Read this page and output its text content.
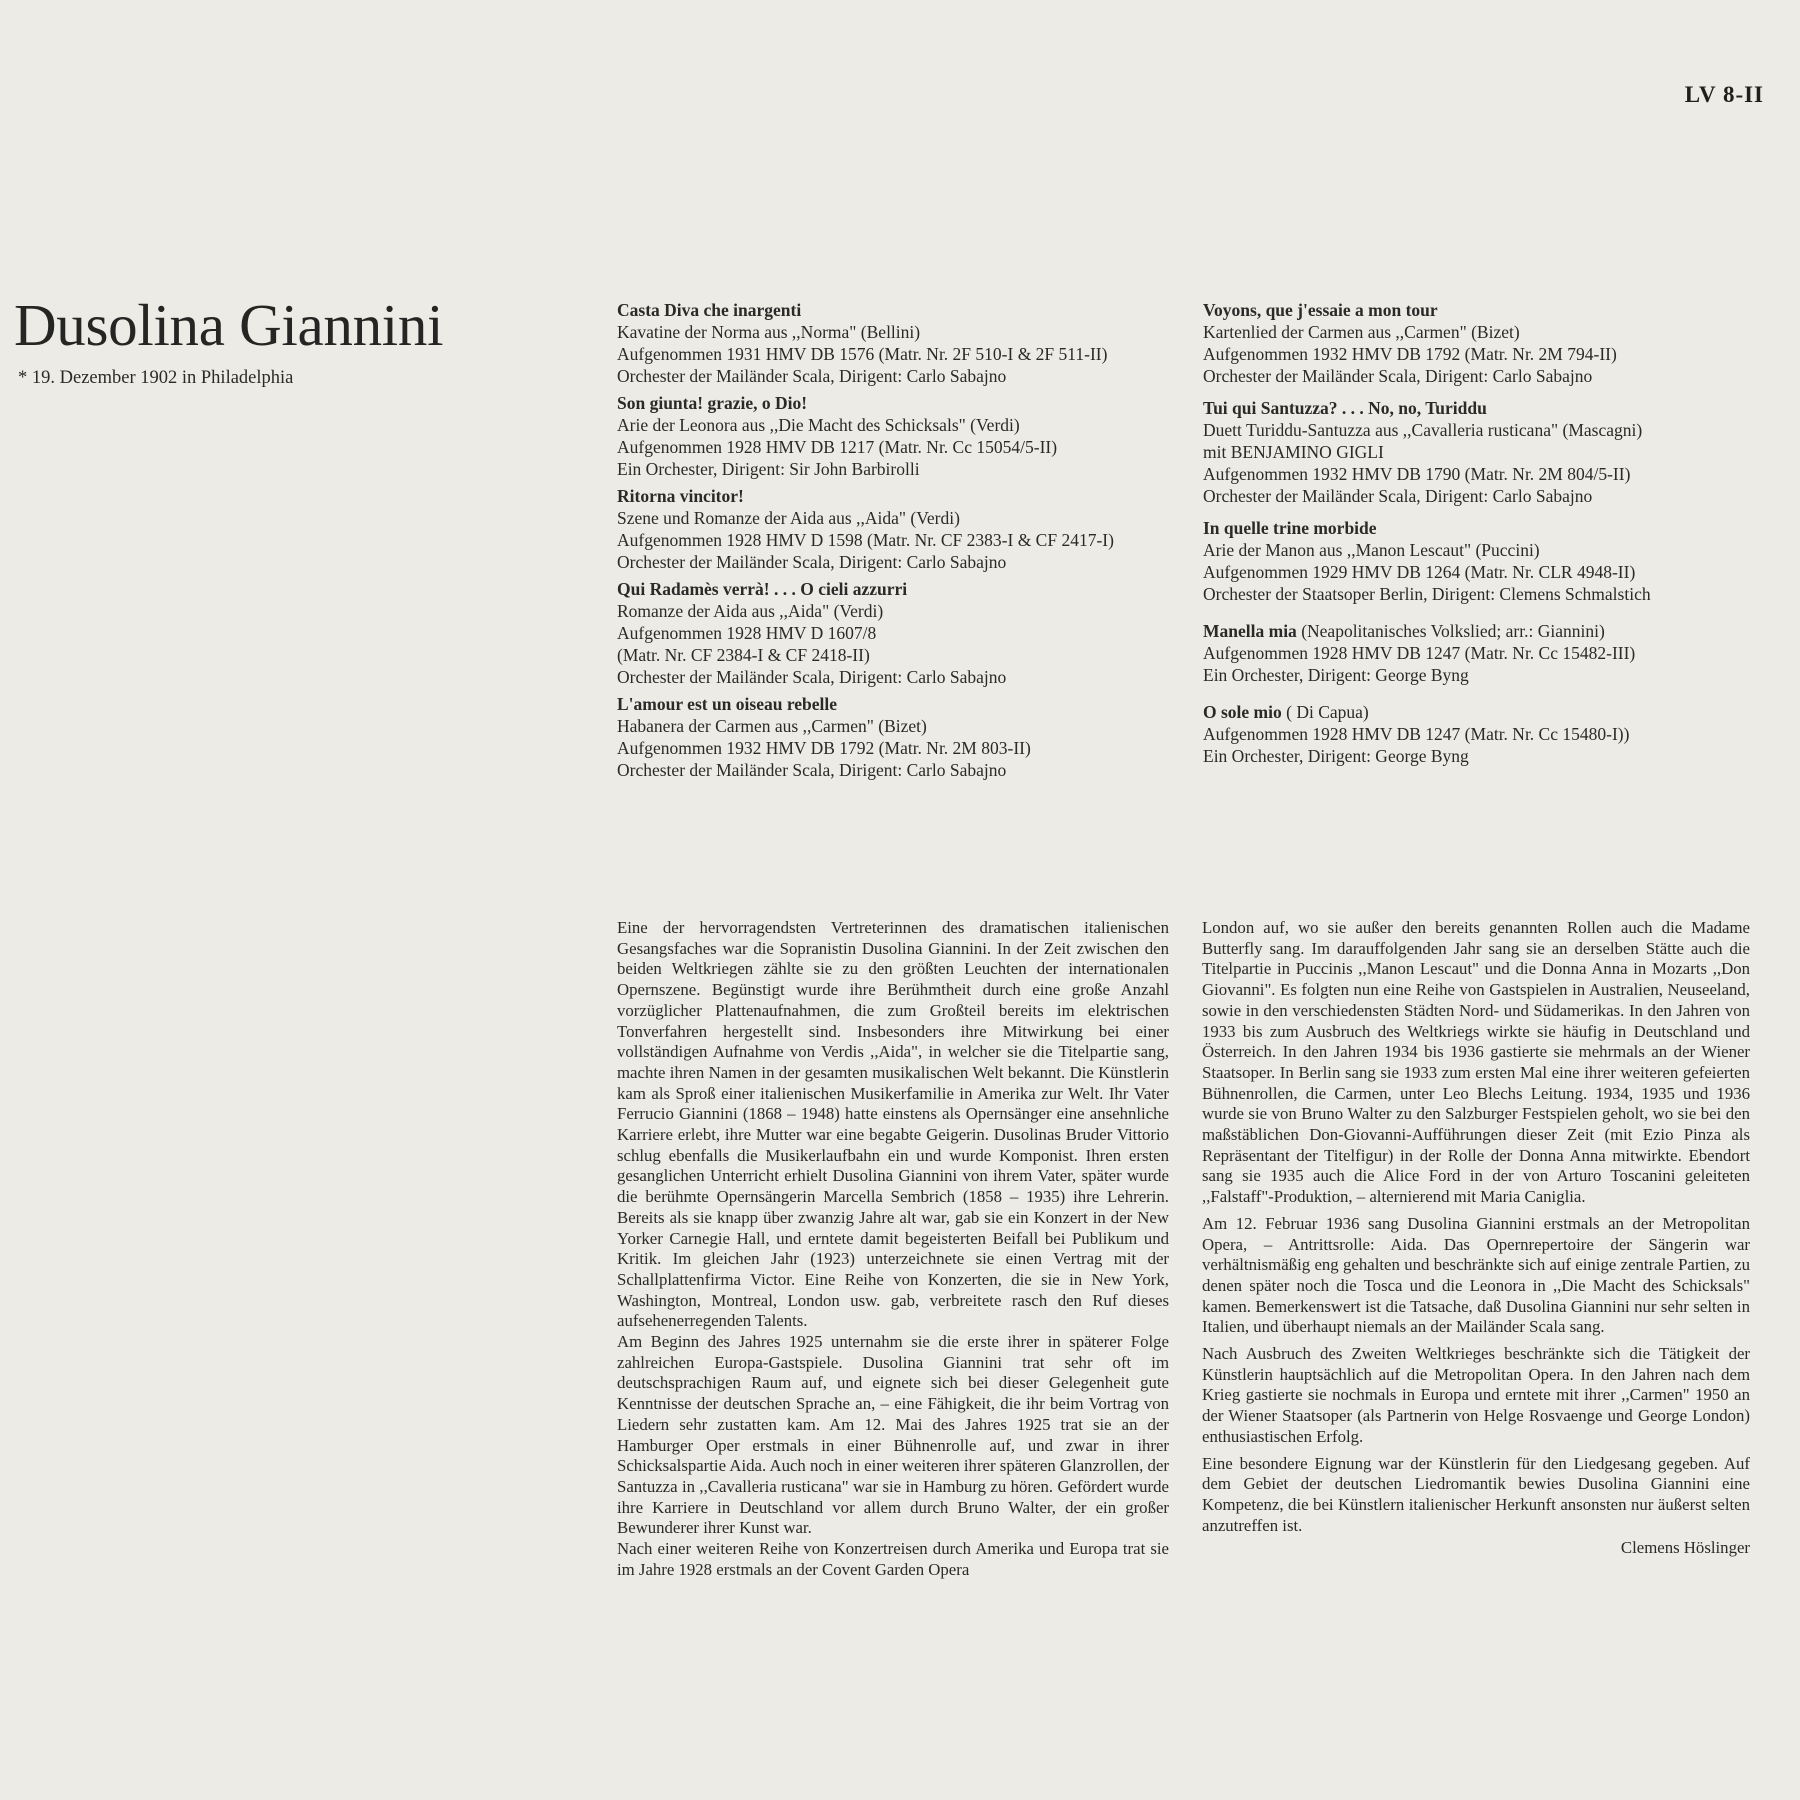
LV 8-II
Dusolina Giannini
* 19. Dezember 1902 in Philadelphia
Casta Diva che inargenti
Kavatine der Norma aus ,,Norma" (Bellini)
Aufgenommen 1931 HMV DB 1576 (Matr. Nr. 2F 510-I & 2F 511-II)
Orchester der Mailänder Scala, Dirigent: Carlo Sabajno
Son giunta! grazie, o Dio!
Arie der Leonora aus ,,Die Macht des Schicksals" (Verdi)
Aufgenommen 1928 HMV DB 1217 (Matr. Nr. Cc 15054/5-II)
Ein Orchester, Dirigent: Sir John Barbirolli
Ritorna vincitor!
Szene und Romanze der Aida aus ,,Aida" (Verdi)
Aufgenommen 1928 HMV D 1598 (Matr. Nr. CF 2383-I & CF 2417-I)
Orchester der Mailänder Scala, Dirigent: Carlo Sabajno
Qui Radamès verrà! . . . O cieli azzurri
Romanze der Aida aus ,,Aida" (Verdi)
Aufgenommen 1928 HMV D 1607/8
(Matr. Nr. CF 2384-I & CF 2418-II)
Orchester der Mailänder Scala, Dirigent: Carlo Sabajno
L'amour est un oiseau rebelle
Habanera der Carmen aus ,,Carmen" (Bizet)
Aufgenommen 1932 HMV DB 1792 (Matr. Nr. 2M 803-II)
Orchester der Mailänder Scala, Dirigent: Carlo Sabajno
Voyons, que j'essaie a mon tour
Kartenlied der Carmen aus ,,Carmen" (Bizet)
Aufgenommen 1932 HMV DB 1792 (Matr. Nr. 2M 794-II)
Orchester der Mailänder Scala, Dirigent: Carlo Sabajno
Tui qui Santuzza? . . . No, no, Turiddu
Duett Turiddu-Santuzza aus ,,Cavalleria rusticana" (Mascagni)
mit BENJAMINO GIGLI
Aufgenommen 1932 HMV DB 1790 (Matr. Nr. 2M 804/5-II)
Orchester der Mailänder Scala, Dirigent: Carlo Sabajno
In quelle trine morbide
Arie der Manon aus ,,Manon Lescaut" (Puccini)
Aufgenommen 1929 HMV DB 1264 (Matr. Nr. CLR 4948-II)
Orchester der Staatsoper Berlin, Dirigent: Clemens Schmalstich
Manella mia (Neapolitanisches Volkslied; arr.: Giannini)
Aufgenommen 1928 HMV DB 1247 (Matr. Nr. Cc 15482-III)
Ein Orchester, Dirigent: George Byng
O sole mio ( Di Capua)
Aufgenommen 1928 HMV DB 1247 (Matr. Nr. Cc 15480-I))
Ein Orchester, Dirigent: George Byng

Eine der hervorragendsten Vertreterinnen des dramatischen italienischen Gesangsfaches war die Sopranistin Dusolina Giannini. In der Zeit zwischen den beiden Weltkriegen zählte sie zu den größten Leuchten der internationalen Opernszene. Begünstigt wurde ihre Berühmtheit durch eine große Anzahl vorzüglicher Plattenaufnahmen, die zum Großteil bereits im elektrischen Tonverfahren hergestellt sind. Insbesonders ihre Mitwirkung bei einer vollständigen Aufnahme von Verdis ,,Aida", in welcher sie die Titelpartie sang, machte ihren Namen in der gesamten musikalischen Welt bekannt. Die Künstlerin kam als Sproß einer italienischen Musikerfamilie in Amerika zur Welt. Ihr Vater Ferrucio Giannini (1868 – 1948) hatte einstens als Opernsänger eine ansehnliche Karriere erlebt, ihre Mutter war eine begabte Geigerin. Dusolinas Bruder Vittorio schlug ebenfalls die Musikerlaufbahn ein und wurde Komponist. Ihren ersten gesanglichen Unterricht erhielt Dusolina Giannini von ihrem Vater, später wurde die berühmte Opernsängerin Marcella Sembrich (1858 – 1935) ihre Lehrerin. Bereits als sie knapp über zwanzig Jahre alt war, gab sie ein Konzert in der New Yorker Carnegie Hall, und erntete damit begeisterten Beifall bei Publikum und Kritik. Im gleichen Jahr (1923) unterzeichnete sie einen Vertrag mit der Schallplattenfirma Victor. Eine Reihe von Konzerten, die sie in New York, Washington, Montreal, London usw. gab, verbreitete rasch den Ruf dieses aufsehenerregenden Talents.

Am Beginn des Jahres 1925 unternahm sie die erste ihrer in späterer Folge zahlreichen Europa-Gastspiele. Dusolina Giannini trat sehr oft im deutschsprachigen Raum auf, und eignete sich bei dieser Gelegenheit gute Kenntnisse der deutschen Sprache an, – eine Fähigkeit, die ihr beim Vortrag von Liedern sehr zustatten kam. Am 12. Mai des Jahres 1925 trat sie an der Hamburger Oper erstmals in einer Bühnenrolle auf, und zwar in ihrer Schicksalspartie Aida. Auch noch in einer weiteren ihrer späteren Glanzrollen, der Santuzza in ,,Cavalleria rusticana" war sie in Hamburg zu hören. Gefördert wurde ihre Karriere in Deutschland vor allem durch Bruno Walter, der ein großer Bewunderer ihrer Kunst war.

Nach einer weiteren Reihe von Konzertreisen durch Amerika und Europa trat sie im Jahre 1928 erstmals an der Covent Garden Opera

London auf, wo sie außer den bereits genannten Rollen auch die Madame Butterfly sang. Im darauffolgenden Jahr sang sie an derselben Stätte auch die Titelpartie in Puccinis ,,Manon Lescaut" und die Donna Anna in Mozarts ,,Don Giovanni". Es folgten nun eine Reihe von Gastspielen in Australien, Neuseeland, sowie in den verschiedensten Städten Nord- und Südamerikas. In den Jahren von 1933 bis zum Ausbruch des Weltkriegs wirkte sie häufig in Deutschland und Österreich. In den Jahren 1934 bis 1936 gastierte sie mehrmals an der Wiener Staatsoper. In Berlin sang sie 1933 zum ersten Mal eine ihrer weiteren gefeierten Bühnenrollen, die Carmen, unter Leo Blechs Leitung. 1934, 1935 und 1936 wurde sie von Bruno Walter zu den Salzburger Festspielen geholt, wo sie bei den maßstäblichen Don-Giovanni-Aufführungen dieser Zeit (mit Ezio Pinza als Repräsentant der Titelfigur) in der Rolle der Donna Anna mitwirkte. Ebendort sang sie 1935 auch die Alice Ford in der von Arturo Toscanini geleiteten ,,Falstaff"-Produktion, – alternierend mit Maria Caniglia.

Am 12. Februar 1936 sang Dusolina Giannini erstmals an der Metropolitan Opera, – Antrittsrolle: Aida. Das Opernrepertoire der Sängerin war verhältnismäßig eng gehalten und beschränkte sich auf einige zentrale Partien, zu denen später noch die Tosca und die Leonora in ,,Die Macht des Schicksals" kamen. Bemerkenswert ist die Tatsache, daß Dusolina Giannini nur sehr selten in Italien, und überhaupt niemals an der Mailänder Scala sang.

Nach Ausbruch des Zweiten Weltkrieges beschränkte sich die Tätigkeit der Künstlerin hauptsächlich auf die Metropolitan Opera. In den Jahren nach dem Krieg gastierte sie nochmals in Europa und erntete mit ihrer ,,Carmen" 1950 an der Wiener Staatsoper (als Partnerin von Helge Rosvaenge und George London) enthusiastischen Erfolg.

Eine besondere Eignung war der Künstlerin für den Liedgesang gegeben. Auf dem Gebiet der deutschen Liedromantik bewies Dusolina Giannini eine Kompetenz, die bei Künstlern italienischer Herkunft ansonsten nur äußerst selten anzutreffen ist.

Clemens Höslinger
